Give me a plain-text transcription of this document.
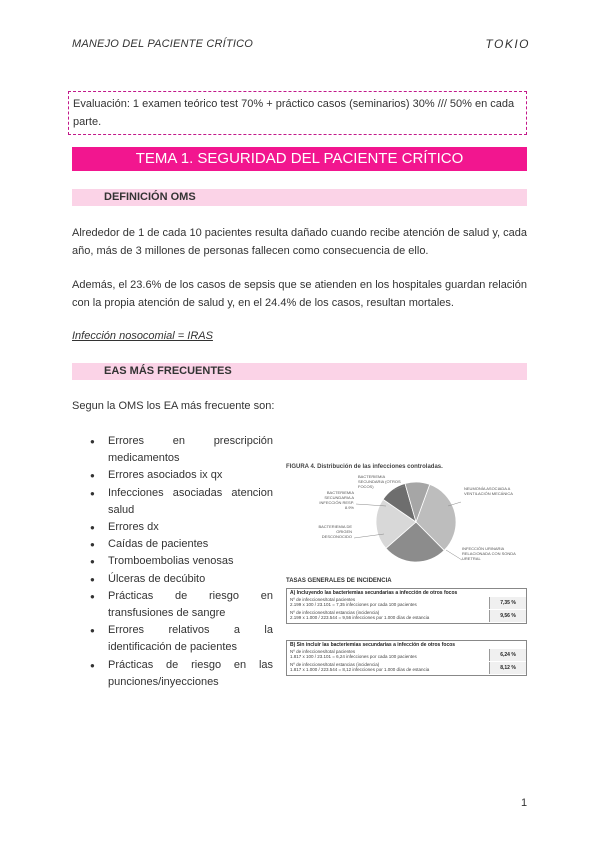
MANEJO DEL PACIENTE CRÍTICO	TOKIO
Evaluación: 1 examen teórico test 70% + práctico casos (seminarios) 30% /// 50% en cada parte.
TEMA 1. SEGURIDAD DEL PACIENTE CRÍTICO
DEFINICIÓN OMS
Alrededor de 1 de cada 10 pacientes resulta dañado cuando recibe atención de salud y, cada año, más de 3 millones de personas fallecen como consecuencia de ello.
Además, el 23.6% de los casos de sepsis que se atienden en los hospitales guardan relación con la propia atención de salud y, en el 24.4% de los casos, resultan mortales.
Infección nosocomial = IRAS
EAS MÁS FRECUENTES
Segun la OMS los EA más frecuente son:
● Errores en prescripción medicamentos
● Errores asociados ix qx
● Infecciones asociadas atencion salud
● Errores dx
● Caídas de pacientes
● Tromboembolias venosas
● Úlceras de decúbito
● Prácticas de riesgo en transfusiones de sangre
● Errores relativos a la identificación de pacientes
● Prácticas de riesgo en las punciones/inyecciones
FIGURA 4. Distribución de las infecciones controladas.
BACTERIEMIA SECUNDARIA (OTROS FOCOS)
BACTERIEMIA SECUNDARIA A INFECCIÓN RESP. 8.9%
NEUMONÍA ASOCIADA A VENTILACIÓN MECÁNICA
BACTERIEMIA DE ORIGEN DESCONOCIDO
INFECCIÓN URINARIA RELACIONADA CON SONDA URETRAL
TASAS GENERALES DE INCIDENCIA
A) Incluyendo las bacteriemias secundarias a infección de otros focos
Nº de infecciones/total pacientes
2.199 x 100 / 23.101 = 7,35 infecciones por cada 100 pacientes	7,35 %
Nº de infecciones/total estancias (incidencia)
2.199 x 1.000 / 223.544 = 9,56 infecciones por 1.000 días de estancia	9,56 %
B) Sin incluir las bacteriemias secundarias a infección de otros focos
Nº de infecciones/total pacientes
1.817 x 100 / 23.101 = 6,24 infecciones por cada 100 pacientes	6,24 %
Nº de infecciones/total estancias (incidencia)
1.817 x 1.000 / 223.544 = 8,12 infecciones por 1.000 días de estancia	8,12 %
1
